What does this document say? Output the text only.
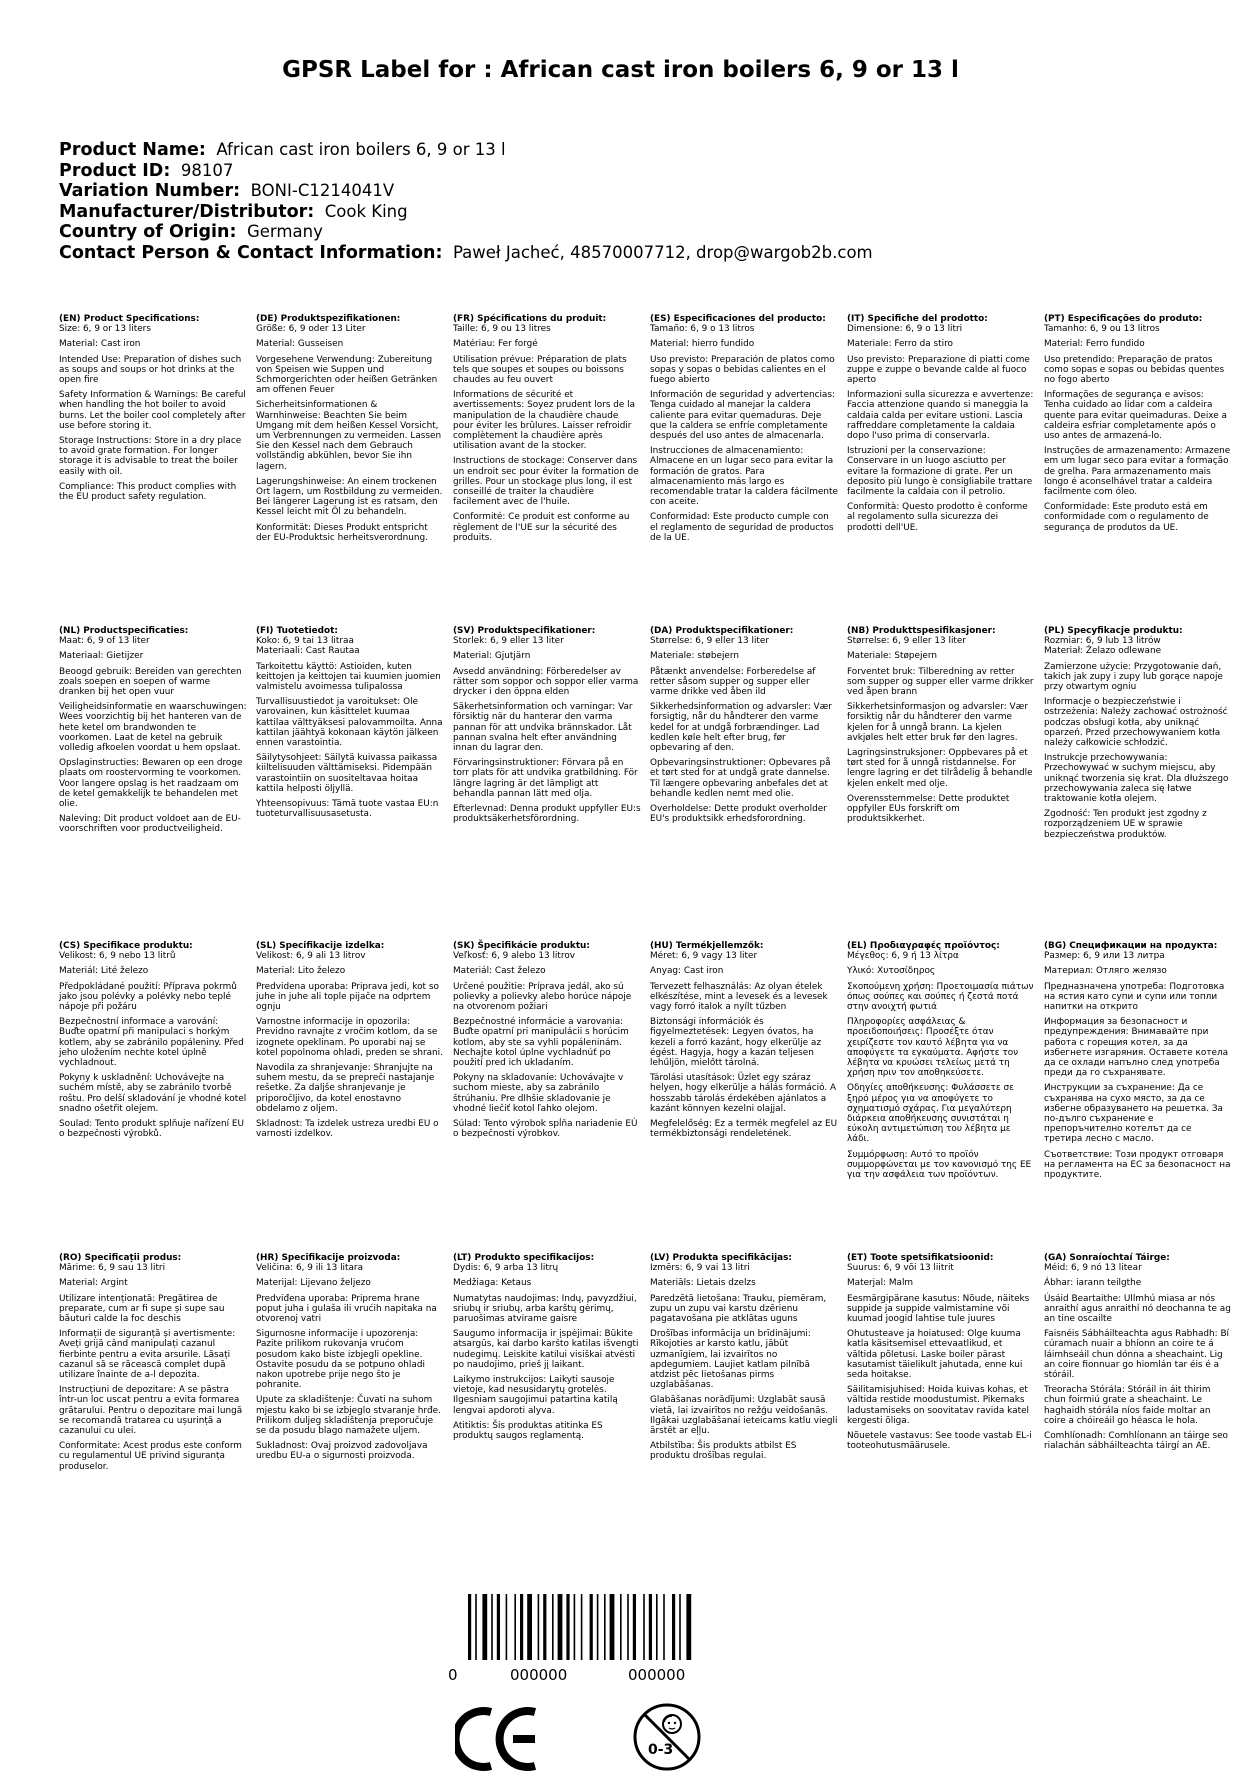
GPSR Label for : African cast iron boilers 6, 9 or 13 l
Product Name: African cast iron boilers 6, 9 or 13 l
Product ID: 98107
Variation Number: BONI-C1214041V
Manufacturer/Distributor: Cook King
Country of Origin: Germany
Contact Person & Contact Information: Paweł Jacheć, 48570007712, drop@wargob2b.com
(EN) Product Specifications:
Size: 6, 9 or 13 liters

Material: Cast iron

Intended Use: Preparation of dishes such as soups and soups or hot drinks at the open fire

Safety Information & Warnings: Be careful when handling the hot boiler to avoid burns. Let the boiler cool completely after use before storing it.

Storage Instructions: Store in a dry place to avoid grate formation. For longer storage it is advisable to treat the boiler easily with oil.

Compliance: This product complies with the EU product safety regulation.

(DE) Produktspezifikationen:
Größe: 6, 9 oder 13 Liter

Material: Gusseisen

Vorgesehene Verwendung: Zubereitung von Speisen wie Suppen und Schmorgerichten oder heißen Getränken am offenen Feuer

Sicherheitsinformationen & Warnhinweise: Beachten Sie beim Umgang mit dem heißen Kessel Vorsicht, um Verbrennungen zu vermeiden. Lassen Sie den Kessel nach dem Gebrauch vollständig abkühlen, bevor Sie ihn lagern.

Lagerungshinweise: An einem trockenen Ort lagern, um Rostbildung zu vermeiden. Bei längerer Lagerung ist es ratsam, den Kessel leicht mit Öl zu behandeln.

Konformität: Dieses Produkt entspricht der EU-Produktsic herheitsverordnung.

(FR) Spécifications du produit:
Taille: 6, 9 ou 13 litres

Matériau: Fer forgé

Utilisation prévue: Préparation de plats tels que soupes et soupes ou boissons chaudes au feu ouvert

Informations de sécurité et avertissements: Soyez prudent lors de la manipulation de la chaudière chaude pour éviter les brûlures. Laisser refroidir complètement la chaudière après utilisation avant de la stocker.

Instructions de stockage: Conserver dans un endroit sec pour éviter la formation de grilles. Pour un stockage plus long, il est conseillé de traiter la chaudière facilement avec de l'huile.

Conformité: Ce produit est conforme au règlement de l'UE sur la sécurité des produits.

(ES) Especificaciones del producto:
Tamaño: 6, 9 o 13 litros

Material: hierro fundido

Uso previsto: Preparación de platos como sopas y sopas o bebidas calientes en el fuego abierto

Información de seguridad y advertencias: Tenga cuidado al manejar la caldera caliente para evitar quemaduras. Deje que la caldera se enfríe completamente después del uso antes de almacenarla.

Instrucciones de almacenamiento: Almacene en un lugar seco para evitar la formación de gratos. Para almacenamiento más largo es recomendable tratar la caldera fácilmente con aceite.

Conformidad: Este producto cumple con el reglamento de seguridad de productos de la UE.

(IT) Specifiche del prodotto:
Dimensione: 6, 9 o 13 litri

Materiale: Ferro da stiro

Uso previsto: Preparazione di piatti come zuppe e zuppe o bevande calde al fuoco aperto

Informazioni sulla sicurezza e avvertenze: Faccia attenzione quando si maneggia la caldaia calda per evitare ustioni. Lascia raffreddare completamente la caldaia dopo l'uso prima di conservarla.

Istruzioni per la conservazione: Conservare in un luogo asciutto per evitare la formazione di grate. Per un deposito più lungo è consigliabile trattare facilmente la caldaia con il petrolio.

Conformità: Questo prodotto è conforme al regolamento sulla sicurezza dei prodotti dell'UE.

(PT) Especificações do produto:
Tamanho: 6, 9 ou 13 litros

Material: Ferro fundido

Uso pretendido: Preparação de pratos como sopas e sopas ou bebidas quentes no fogo aberto

Informações de segurança e avisos: Tenha cuidado ao lidar com a caldeira quente para evitar queimaduras. Deixe a caldeira esfriar completamente após o uso antes de armazená-lo.

Instruções de armazenamento: Armazene em um lugar seco para evitar a formação de grelha. Para armazenamento mais longo é aconselhável tratar a caldeira facilmente com óleo.

Conformidade: Este produto está em conformidade com o regulamento de segurança de produtos da UE.

(NL) Productspecificaties:
Maat: 6, 9 of 13 liter

Materiaal: Gietijzer

Beoogd gebruik: Bereiden van gerechten zoals soepen en soepen of warme dranken bij het open vuur

Veiligheidsinformatie en waarschuwingen: Wees voorzichtig bij het hanteren van de hete ketel om brandwonden te voorkomen. Laat de ketel na gebruik volledig afkoelen voordat u hem opslaat.

Opslaginstructies: Bewaren op een droge plaats om roostervorming te voorkomen. Voor langere opslag is het raadzaam om de ketel gemakkelijk te behandelen met olie.

Naleving: Dit product voldoet aan de EU-voorschriften voor productveiligheid.

(FI) Tuotetiedot:
Koko: 6, 9 tai 13 litraa
Materiaali: Cast Rautaa

Tarkoitettu käyttö: Astioiden, kuten keittojen ja keittojen tai kuumien juomien valmistelu avoimessa tulipalossa

Turvallisuustiedot ja varoitukset: Ole varovainen, kun käsittelet kuumaa kattilaa välttyäksesi palovammoilta. Anna kattilan jäähtyä kokonaan käytön jälkeen ennen varastointia.

Säilytysohjeet: Säilytä kuivassa paikassa kiiltelisuuden välttämiseksi. Pidempään varastointiin on suositeltavaa hoitaa kattila helposti öljyllä.

Yhteensopivuus: Tämä tuote vastaa EU:n tuoteturvallisuusasetusta.

(SV) Produktspecifikationer:
Storlek: 6, 9 eller 13 liter

Material: Gjutjärn

Avsedd användning: Förberedelser av rätter som soppor och soppor eller varma drycker i den öppna elden

Säkerhetsinformation och varningar: Var försiktig när du hanterar den varma pannan för att undvika brännskador. Låt pannan svalna helt efter användning innan du lagrar den.

Förvaringsinstruktioner: Förvara på en torr plats för att undvika gratbildning. För längre lagring är det lämpligt att behandla pannan lätt med olja.

Efterlevnad: Denna produkt uppfyller EU:s produktsäkerhetsförordning.

(DA) Produktspecifikationer:
Størrelse: 6, 9 eller 13 liter

Materiale: støbejern

Påtænkt anvendelse: Forberedelse af retter såsom supper og supper eller varme drikke ved åben ild

Sikkerhedsinformation og advarsler: Vær forsigtig, når du håndterer den varme kedel for at undgå forbrændinger. Lad kedlen køle helt efter brug, før opbevaring af den.

Opbevaringsinstruktioner: Opbevares på et tørt sted for at undgå grate dannelse. Til længere opbevaring anbefales det at behandle kedlen nemt med olie.

Overholdelse: Dette produkt overholder EU's produktsikk erhedsforordning.

(NB) Produkttspesifikasjoner:
Størrelse: 6, 9 eller 13 liter

Materiale: Støpejern

Forventet bruk: Tilberedning av retter som supper og supper eller varme drikker ved åpen brann

Sikkerhetsinformasjon og advarsler: Vær forsiktig når du håndterer den varme kjelen for å unngå brann. La kjelen avkjøles helt etter bruk før den lagres.

Lagringsinstruksjoner: Oppbevares på et tørt sted for å unngå ristdannelse. For lengre lagring er det tilrådelig å behandle kjelen enkelt med olje.

Overensstemmelse: Dette produktet oppfyller EUs forskrift om produktsikkerhet.

(PL) Specyfikacje produktu:
Rozmiar: 6, 9 lub 13 litrów
Materiał: Żelazo odlewane

Zamierzone użycie: Przygotowanie dań, takich jak zupy i zupy lub gorące napoje przy otwartym ogniu

Informacje o bezpieczeństwie i ostrzeżenia: Należy zachować ostrożność podczas obsługi kotła, aby uniknąć oparzeń. Przed przechowywaniem kotła należy całkowicie schłodzić.

Instrukcje przechowywania: Przechowywać w suchym miejscu, aby uniknąć tworzenia się krat. Dla dłuższego przechowywania zaleca się łatwe traktowanie kotła olejem.

Zgodność: Ten produkt jest zgodny z rozporządzeniem UE w sprawie bezpieczeństwa produktów.

(CS) Specifikace produktu:
Velikost: 6, 9 nebo 13 litrů

Materiál: Lité železo

Předpokládané použití: Příprava pokrmů jako jsou polévky a polévky nebo teplé nápoje při požáru

Bezpečnostní informace a varování: Buďte opatrní při manipulaci s horkým kotlem, aby se zabránilo popáleniny. Před jeho uložením nechte kotel úplně vychladnout.

Pokyny k uskladnění: Uchovávejte na suchém místě, aby se zabránilo tvorbě roštu. Pro delší skladování je vhodné kotel snadno ošetřit olejem.

Soulad: Tento produkt splňuje nařízení EU o bezpečnosti výrobků.

(SL) Specifikacije izdelka:
Velikost: 6, 9 ali 13 litrov

Material: Lito železo

Predvidena uporaba: Priprava jedi, kot so juhe in juhe ali tople pijače na odprtem ognju

Varnostne informacije in opozorila: Previdno ravnajte z vročim kotlom, da se izognete opeklinam. Po uporabi naj se kotel popolnoma ohladi, preden se shrani.

Navodila za shranjevanje: Shranjujte na suhem mestu, da se prepreči nastajanje rešetke. Za daljše shranjevanje je priporočljivo, da kotel enostavno obdelamo z oljem.

Skladnost: Ta izdelek ustreza uredbi EU o varnosti izdelkov.

(SK) Špecifikácie produktu:
Veľkosť: 6, 9 alebo 13 litrov

Materiál: Cast železo

Určené použitie: Príprava jedál, ako sú polievky a polievky alebo horúce nápoje na otvorenom požiari

Bezpečnostné informácie a varovania: Buďte opatrní pri manipulácii s horúcim kotlom, aby ste sa vyhli popáleninám. Nechajte kotol úplne vychladnúť po použití pred ich ukladaním.

Pokyny na skladovanie: Uchovávajte v suchom mieste, aby sa zabránilo štrúhaniu. Pre dlhšie skladovanie je vhodné liečiť kotol ľahko olejom.

Súlad: Tento výrobok spĺňa nariadenie EÚ o bezpečnosti výrobkov.

(HU) Termékjellemzők:
Méret: 6, 9 vagy 13 liter

Anyag: Cast iron

Tervezett felhasználás: Az olyan ételek elkészítése, mint a levesek és a levesek vagy forró italok a nyílt tűzben

Biztonsági információk és figyelmeztetések: Legyen óvatos, ha kezeli a forró kazánt, hogy elkerülje az égést. Hagyja, hogy a kazán teljesen lehűljön, mielőtt tárolná.

Tárolási utasítások: Üzlet egy száraz helyen, hogy elkerülje a hálás formáció. A hosszabb tárolás érdekében ajánlatos a kazánt könnyen kezelni olajjal.

Megfelelőség: Ez a termék megfelel az EU termékbiztonsági rendeletének.

(EL) Προδιαγραφές προϊόντος:
Μέγεθος: 6, 9 ή 13 λίτρα

Υλικό: Χυτοσίδηρος

Σκοπούμενη χρήση: Προετοιμασία πιάτων όπως σούπες και σούπες ή ζεστά ποτά στην ανοιχτή φωτιά

Πληροφορίες ασφάλειας & προειδοποιήσεις: Προσέξτε όταν χειρίζεστε τον καυτό λέβητα για να αποφύγετε τα εγκαύματα. Αφήστε τον λέβητα να κρυώσει τελείως μετά τη χρήση πριν τον αποθηκεύσετε.

Οδηγίες αποθήκευσης: Φυλάσσετε σε ξηρό μέρος για να αποφύγετε το σχηματισμό σχάρας. Για μεγαλύτερη διάρκεια αποθήκευσης συνιστάται η εύκολη αντιμετώπιση του λέβητα με λάδι.

Συμμόρφωση: Αυτό το προϊόν συμμορφώνεται με τον κανονισμό της ΕΕ για την ασφάλεια των προϊόντων.

(BG) Спецификации на продукта:
Размер: 6, 9 или 13 литра

Материал: Отляго желязо

Предназначена употреба: Подготовка на ястия като супи и супи или топли напитки на откритo

Информация за безопасност и предупреждения: Внимавайте при работа с горещия котел, за да избегнете изгаряния. Оставете котела да се охлади напълно след употреба преди да го съхранявате.

Инструкции за съхранение: Да се съхранява на сухо място, за да се избегне образуването на решетка. За по-дълго съхранение е препоръчително котелът да се третира лесно с масло.

Съответствие: Този продукт отговаря на регламента на ЕС за безопасност на продуктите.

(RO) Specificații produs:
Mărime: 6, 9 sau 13 litri

Material: Argint

Utilizare intenționată: Pregătirea de preparate, cum ar fi supe și supe sau băuturi calde la foc deschis

Informații de siguranță și avertismente: Aveți grijă când manipulați cazanul fierbinte pentru a evita arsurile. Lăsați cazanul să se răcească complet după utilizare înainte de a-l depozita.

Instrucțiuni de depozitare: A se păstra într-un loc uscat pentru a evita formarea grătarului. Pentru o depozitare mai lungă se recomandă tratarea cu ușurință a cazanului cu ulei.

Conformitate: Acest produs este conform cu regulamentul UE privind siguranța produselor.

(HR) Specifikacije proizvoda:
Veličina: 6, 9 ili 13 litara

Materijal: Lijevano željezo

Predviđena uporaba: Priprema hrane poput juha i gulaša ili vrućih napitaka na otvorenoj vatri

Sigurnosne informacije i upozorenja: Pazite prilikom rukovanja vrućom posudom kako biste izbjegli opekline. Ostavite posudu da se potpuno ohladi nakon upotrebe prije nego što je pohranite.

Upute za skladištenje: Čuvati na suhom mjestu kako bi se izbjeglo stvaranje hrđe. Prilikom duljeg skladištenja preporučuje se da posudu blago namažete uljem.

Sukladnost: Ovaj proizvod zadovoljava uredbu EU-a o sigurnosti proizvoda.

(LT) Produkto specifikacijos:
Dydis: 6, 9 arba 13 litrų

Medžiaga: Ketaus

Numatytas naudojimas: Indų, pavyzdžiui, sriubų ir sriubų, arba karštų gėrimų, paruošimas atvirame gaisre

Saugumo informacija ir įspėjimai: Būkite atsargūs, kai darbo karšto katilas išvengti nudegimų. Leiskite katilui visiškai atvėsti po naudojimo, prieš jį laikant.

Laikymo instrukcijos: Laikyti sausoje vietoje, kad nesusidarytų grotelės. Ilgesniam saugojimui patartina katilą lengvai apdoroti alyva.

Atitiktis: Šis produktas atitinka ES produktų saugos reglamentą.

(LV) Produkta specifikācijas:
Izmērs: 6, 9 vai 13 litri

Materiāls: Lietais dzelzs

Paredzētā lietošana: Trauku, piemēram, zupu un zupu vai karstu dzērienu pagatavošana pie atklātas uguns

Drošības informācija un brīdinājumi: Rīkojoties ar karsto katlu, jābūt uzmanīgiem, lai izvairītos no apdegumiem. Laujiet katlam pilnībā atdzist pēc lietošanas pirms uzglabāšanas.

Glabāšanas norādījumi: Uzglabāt sausā vietā, lai izvairītos no režģu veidošanās. Ilgākai uzglabāšanai ieteicams katlu viegli ārstēt ar eļļu.

Atbilstība: Šis produkts atbilst ES produktu drošības regulai.

(ET) Toote spetsifikatsioonid:
Suurus: 6, 9 või 13 liitrit

Materjal: Malm

Eesmärgipärane kasutus: Nõude, näiteks suppide ja suppide valmistamine või kuumad joogid lahtise tule juures

Ohutusteave ja hoiatused: Olge kuuma katla käsitsemisel ettevaatlikud, et vältida põletusi. Laske boiler pärast kasutamist täielikult jahutada, enne kui seda hoitakse.

Säilitamisjuhised: Hoida kuivas kohas, et vältida restide moodustumist. Pikemaks ladustamiseks on soovitatav ravida katel kergesti õliga.

Nõuetele vastavus: See toode vastab EL-i tooteohutusmäärusele.

(GA) Sonraíochtaí Táirge:
Méid: 6, 9 nó 13 litear

Ábhar: iarann teilgthe

Úsáid Beartaithe: Ullmhú miasa ar nós anraithí agus anraithí nó deochanna te ag an tine oscailte

Faisnéis Sábháilteachta agus Rabhadh: Bí cúramach nuair a bhíonn an coire te á láimhseáil chun dónna a sheachaint. Lig an coire fionnuar go hiomlán tar éis é a stóráil.

Treoracha Stórála: Stóráil in áit thirim chun foirmiú grate a sheachaint. Le haghaidh stórála níos faide moltar an coire a chóireáil go héasca le hola.

Comhlíonadh: Comhlíonann an táirge seo rialachán sábháilteachta táirgí an AE.

0	000000	000000
0-3
